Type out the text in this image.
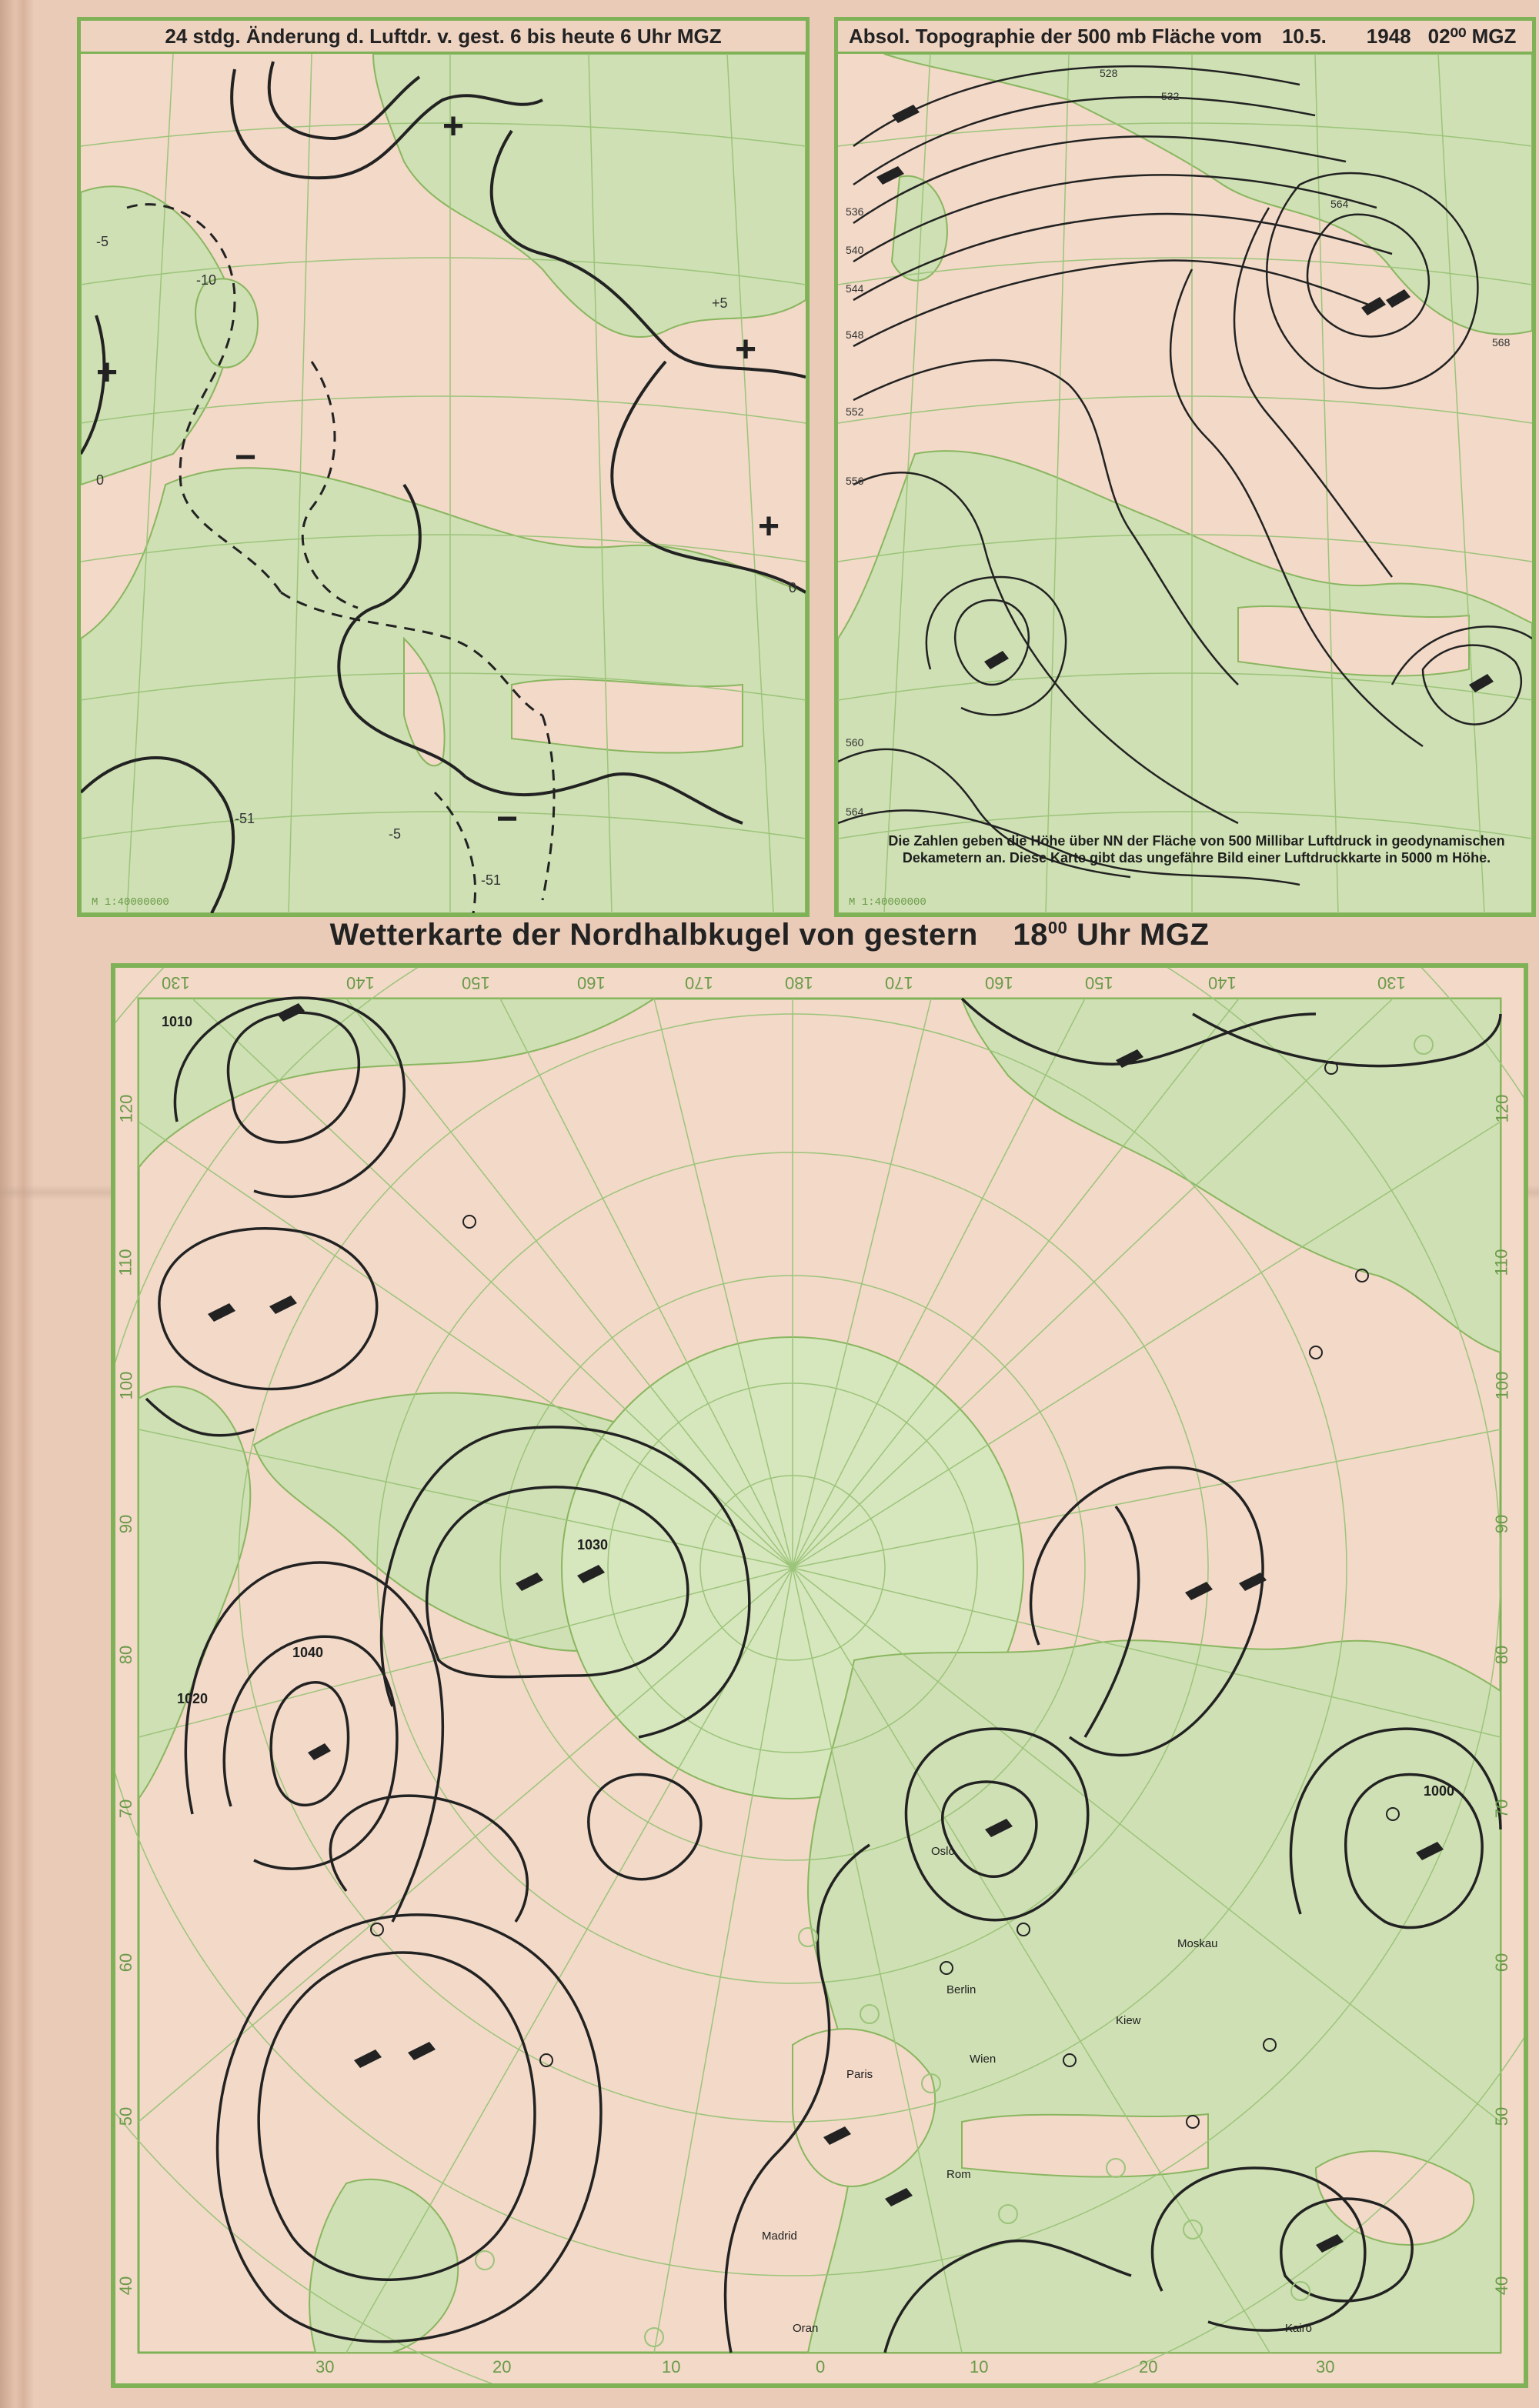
24 stdg. Änderung d. Luftdr. v. gest. 6 bis heute 6 Uhr MGZ
+
+
+
−
−
+
-5
-10
+5
0
-51
-5
-51
0
M 1:40000000
Absol. Topographie der 500 mb Fläche vom 10.5. 1948 02⁰⁰ MGZ
528
532
536
540
544
548
552
556
560
564
568
564
M 1:40000000
Die Zahlen geben die Höhe über NN der Fläche von 500 Millibar Luftdruck in geodynamischen Dekametern an. Diese Karte gibt das ungefähre Bild einer Luftdruckkarte in 5000 m Höhe.
Wetterkarte der Nordhalbkugel von gestern $18^{00}$ Uhr MGZ
130	140	150	160	170	180	170	160	150	140	130
30	20	10	0	10	20	30
120
110
100
90
80
70
60
50
40
120
110
100
90
80
70
60
50
40
1010
1020
1030
1040
1000
Paris
Berlin
Wien
Rom
Madrid
Oslo
Kairo
Moskau
Kiew
Oran
